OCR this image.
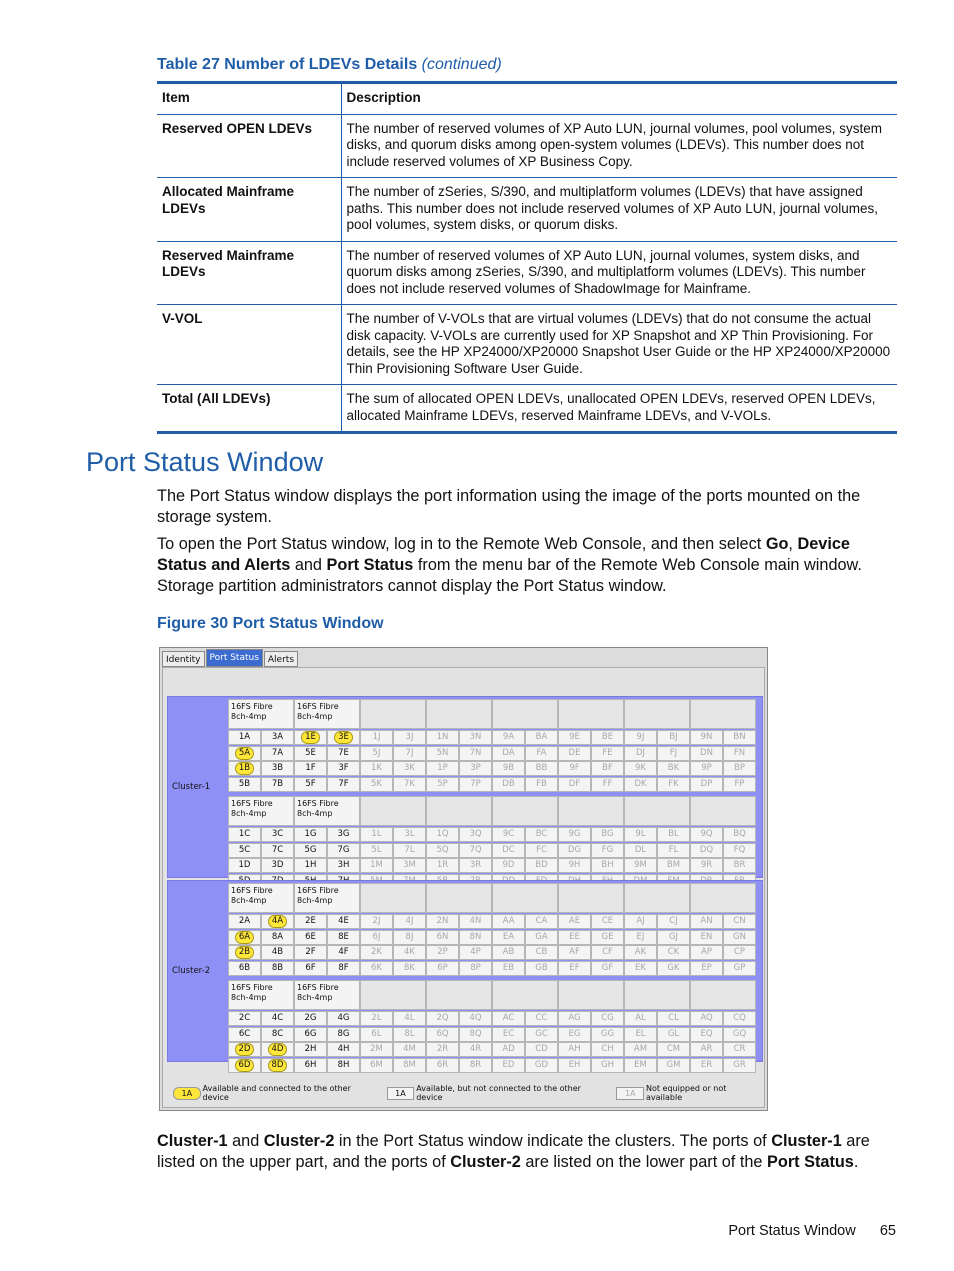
Table 27 Number of LDEVs Details (continued)
Item	Description
Reserved OPEN LDEVs	The number of reserved volumes of XP Auto LUN, journal volumes, pool volumes, system disks, and quorum disks among open-system volumes (LDEVs). This number does not include reserved volumes of XP Business Copy.
Allocated Mainframe LDEVs	The number of zSeries, S/390, and multiplatform volumes (LDEVs) that have assigned paths. This number does not include reserved volumes of XP Auto LUN, journal volumes, pool volumes, system disks, or quorum disks.
Reserved Mainframe LDEVs	The number of reserved volumes of XP Auto LUN, journal volumes, system disks, and quorum disks among zSeries, S/390, and multiplatform volumes (LDEVs). This number does not include reserved volumes of ShadowImage for Mainframe.
V-VOL	The number of V-VOLs that are virtual volumes (LDEVs) that do not consume the actual disk capacity. V-VOLs are currently used for XP Snapshot and XP Thin Provisioning. For details, see the HP XP24000/XP20000 Snapshot User Guide or the HP XP24000/XP20000 Thin Provisioning Software User Guide.
Total (All LDEVs)	The sum of allocated OPEN LDEVs, unallocated OPEN LDEVs, reserved OPEN LDEVs, allocated Mainframe LDEVs, reserved Mainframe LDEVs, and V-VOLs.
Port Status Window

The Port Status window displays the port information using the image of the ports mounted on the storage system.

To open the Port Status window, log in to the Remote Web Console, and then select Go, Device Status and Alerts and Port Status from the menu bar of the Remote Web Console main window. Storage partition administrators cannot display the Port Status window.

Figure 30 Port Status Window
Identity	Port Status	Alerts
1A	Available and connected to the other device	1A	Available, but not connected to the other device	1A	Not equipped or not available
Cluster-1
16FS Fibre
8ch-4mp
16FS Fibre
8ch-4mp
1A	3A	1E	3E	1J	3J	1N	3N	9A	BA	9E	BE	9J	BJ	9N	BN
5A	7A	5E	7E	5J	7J	5N	7N	DA	FA	DE	FE	DJ	FJ	DN	FN
1B	3B	1F	3F	1K	3K	1P	3P	9B	BB	9F	BF	9K	BK	9P	BP
5B	7B	5F	7F	5K	7K	5P	7P	DB	FB	DF	FF	DK	FK	DP	FP
16FS Fibre
8ch-4mp
16FS Fibre
8ch-4mp
1C	3C	1G	3G	1L	3L	1Q	3Q	9C	BC	9G	BG	9L	BL	9Q	BQ
5C	7C	5G	7G	5L	7L	5Q	7Q	DC	FC	DG	FG	DL	FL	DQ	FQ
1D	3D	1H	3H	1M	3M	1R	3R	9D	BD	9H	BH	9M	BM	9R	BR
Cluster-2
16FS Fibre
8ch-4mp
16FS Fibre
8ch-4mp
2A	4A	2E	4E	2J	4J	2N	4N	AA	CA	AE	CE	AJ	CJ	AN	CN
6A	8A	6E	8E	6J	8J	6N	8N	EA	GA	EE	GE	EJ	GJ	EN	GN
2B	4B	2F	4F	2K	4K	2P	4P	AB	CB	AF	CF	AK	CK	AP	CP
6B	8B	6F	8F	6K	8K	6P	8P	EB	GB	EF	GF	EK	GK	EP	GP
16FS Fibre
8ch-4mp
16FS Fibre
8ch-4mp
2C	4C	2G	4G	2L	4L	2Q	4Q	AC	CC	AG	CG	AL	CL	AQ	CQ
6C	8C	6G	8G	6L	8L	6Q	8Q	EC	GC	EG	GG	EL	GL	EQ	GQ
2D	4D	2H	4H	2M	4M	2R	4R	AD	CD	AH	CH	AM	CM	AR	CR
6D	8D	6H	8H	6M	8M	6R	8R	ED	GD	EH	GH	EM	GM	ER	GR

Cluster-1 and Cluster-2 in the Port Status window indicate the clusters. The ports of Cluster-1 are listed on the upper part, and the ports of Cluster-2 are listed on the lower part of the Port Status.

Port Status Window 65
